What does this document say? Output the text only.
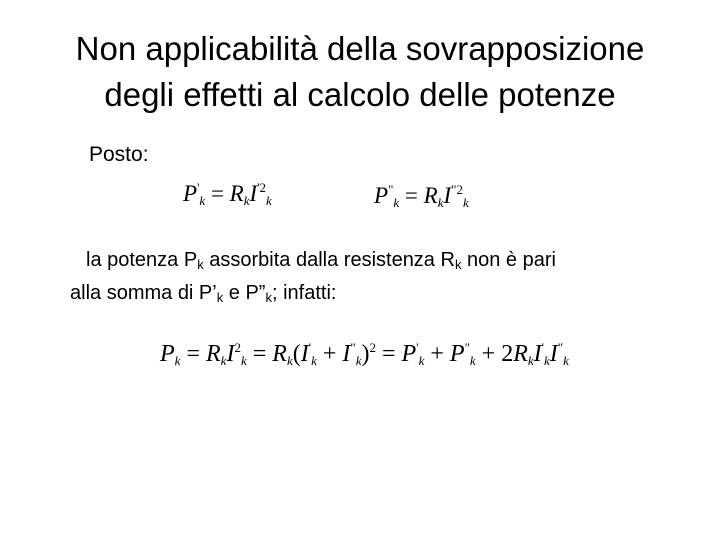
Non applicabilità della sovrapposizione
degli effetti al calcolo delle potenze
Posto:
$P'_k = R_kI^{'2}_k$	$P^"_k = R_kI^{"2}_k$
la potenza $P_k$ assorbita dalla resistenza $R_k$ non è pari
alla somma di $P’_k$ e $P”_k$; infatti:
$P_k = R_kI^2_k = R_k(I'_k + I^"_k)^2 = P'_k + P^"_k + 2R_kI'_kI^"_k$
